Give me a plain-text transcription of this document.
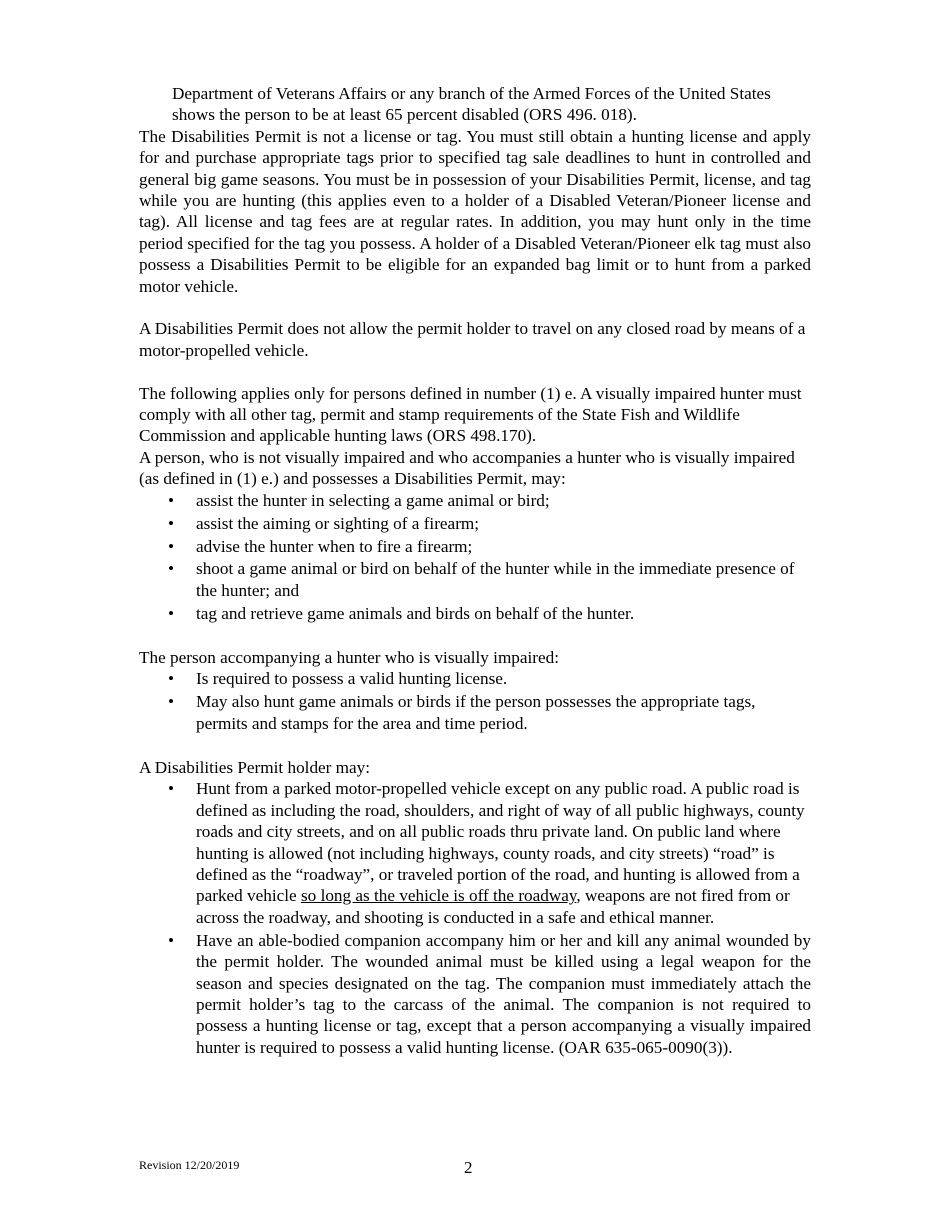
Department of Veterans Affairs or any branch of the Armed Forces of the United States shows the person to be at least 65 percent disabled (ORS 496. 018).

The Disabilities Permit is not a license or tag. You must still obtain a hunting license and apply for and purchase appropriate tags prior to specified tag sale deadlines to hunt in controlled and general big game seasons. You must be in possession of your Disabilities Permit, license, and tag while you are hunting (this applies even to a holder of a Disabled Veteran/Pioneer license and tag). All license and tag fees are at regular rates. In addition, you may hunt only in the time period specified for the tag you possess. A holder of a Disabled Veteran/Pioneer elk tag must also possess a Disabilities Permit to be eligible for an expanded bag limit or to hunt from a parked motor vehicle.

A Disabilities Permit does not allow the permit holder to travel on any closed road by means of a motor-propelled vehicle.

The following applies only for persons defined in number (1) e. A visually impaired hunter must comply with all other tag, permit and stamp requirements of the State Fish and Wildlife Commission and applicable hunting laws (ORS 498.170).

A person, who is not visually impaired and who accompanies a hunter who is visually impaired (as defined in (1) e.) and possesses a Disabilities Permit, may:

• assist the hunter in selecting a game animal or bird;
• assist the aiming or sighting of a firearm;
• advise the hunter when to fire a firearm;
• shoot a game animal or bird on behalf of the hunter while in the immediate presence of the hunter; and
• tag and retrieve game animals and birds on behalf of the hunter.

The person accompanying a hunter who is visually impaired:

• Is required to possess a valid hunting license.
• May also hunt game animals or birds if the person possesses the appropriate tags, permits and stamps for the area and time period.

A Disabilities Permit holder may:

• Hunt from a parked motor-propelled vehicle except on any public road. A public road is defined as including the road, shoulders, and right of way of all public highways, county roads and city streets, and on all public roads thru private land. On public land where hunting is allowed (not including highways, county roads, and city streets) “road” is defined as the “roadway”, or traveled portion of the road, and hunting is allowed from a parked vehicle so long as the vehicle is off the roadway, weapons are not fired from or across the roadway, and shooting is conducted in a safe and ethical manner.
• Have an able-bodied companion accompany him or her and kill any animal wounded by the permit holder. The wounded animal must be killed using a legal weapon for the season and species designated on the tag. The companion must immediately attach the permit holder’s tag to the carcass of the animal. The companion is not required to possess a hunting license or tag, except that a person accompanying a visually impaired hunter is required to possess a valid hunting license. (OAR 635-065-0090(3)).
Revision 12/20/2019	2
